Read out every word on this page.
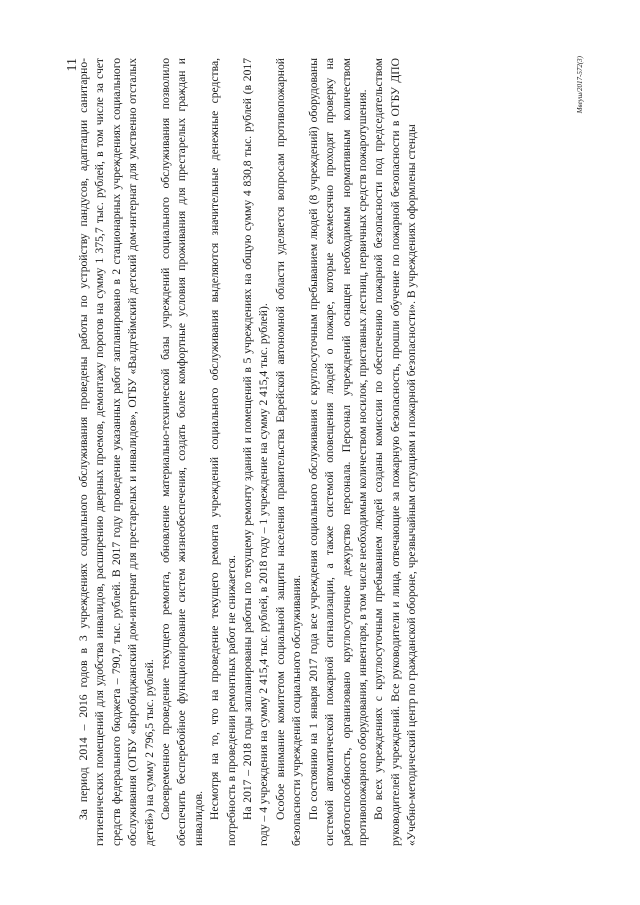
11

За период 2014 – 2016 годов в 3 учреждениях социального обслуживания проведены работы по устройству пандусов, адаптации санитарно-гигиенических помещений для удобства инвалидов, расширению дверных проемов, демонтажу порогов на сумму 1 375,7 тыс. рублей, в том числе за счет средств федерального бюджета – 790,7 тыс. рублей. В 2017 году проведение указанных работ запланировано в 2 стационарных учреждениях социального обслуживания (ОГБУ «Биробиджанский дом-интернат для престарелых и инвалидов», ОГБУ «Валдгеймский детский дом-интернат для умственно отсталых детей») на сумму 2 796,5 тыс. рублей. Своевременное проведение текущего ремонта, обновление материально-технической базы учреждений социального обслуживания позволило обеспечить бесперебойное функционирование систем жизнеобеспечения, создать более комфортные условия проживания для престарелых граждан и инвалидов. Несмотря на то, что на проведение текущего ремонта учреждений социального обслуживания выделяются значительные денежные средства, потребность в проведении ремонтных работ не снижается. На 2017 – 2018 годы запланированы работы по текущему ремонту зданий и помещений в 5 учреждениях на общую сумму 4 830,8 тыс. рублей (в 2017 году – 4 учреждения на сумму 2 415,4 тыс. рублей, в 2018 году – 1 учреждение на сумму 2 415,4 тыс. рублей). Особое внимание комитетом социальной защиты населения правительства Еврейской автономной области уделяется вопросам противопожарной безопасности учреждений социального обслуживания. По состоянию на 1 января 2017 года все учреждения социального обслуживания с круглосуточным пребыванием людей (8 учреждений) оборудованы системой автоматической пожарной сигнализации, а также системой оповещения людей о пожаре, которые ежемесячно проходят проверку на работоспособность, организовано круглосуточное дежурство персонала. Персонал учреждений оснащен необходимым нормативным количеством противопожарного оборудования, инвентаря, в том числе необходимым количеством носилок, приставных лестниц, первичных средств пожаротушения. Во всех учреждениях с круглосуточным пребыванием людей созданы комиссии по обеспечению пожарной безопасности под председательством руководителей учреждений. Все руководители и лица, отвечающие за пожарную безопасность, прошли обучение по пожарной безопасности в ОГБУ ДПО «Учебно-методический центр по гражданской обороне, чрезвычайным ситуациям и пожарной безопасности». В учреждениях оформлены стенды

Мвеуш/2017-572(3)
